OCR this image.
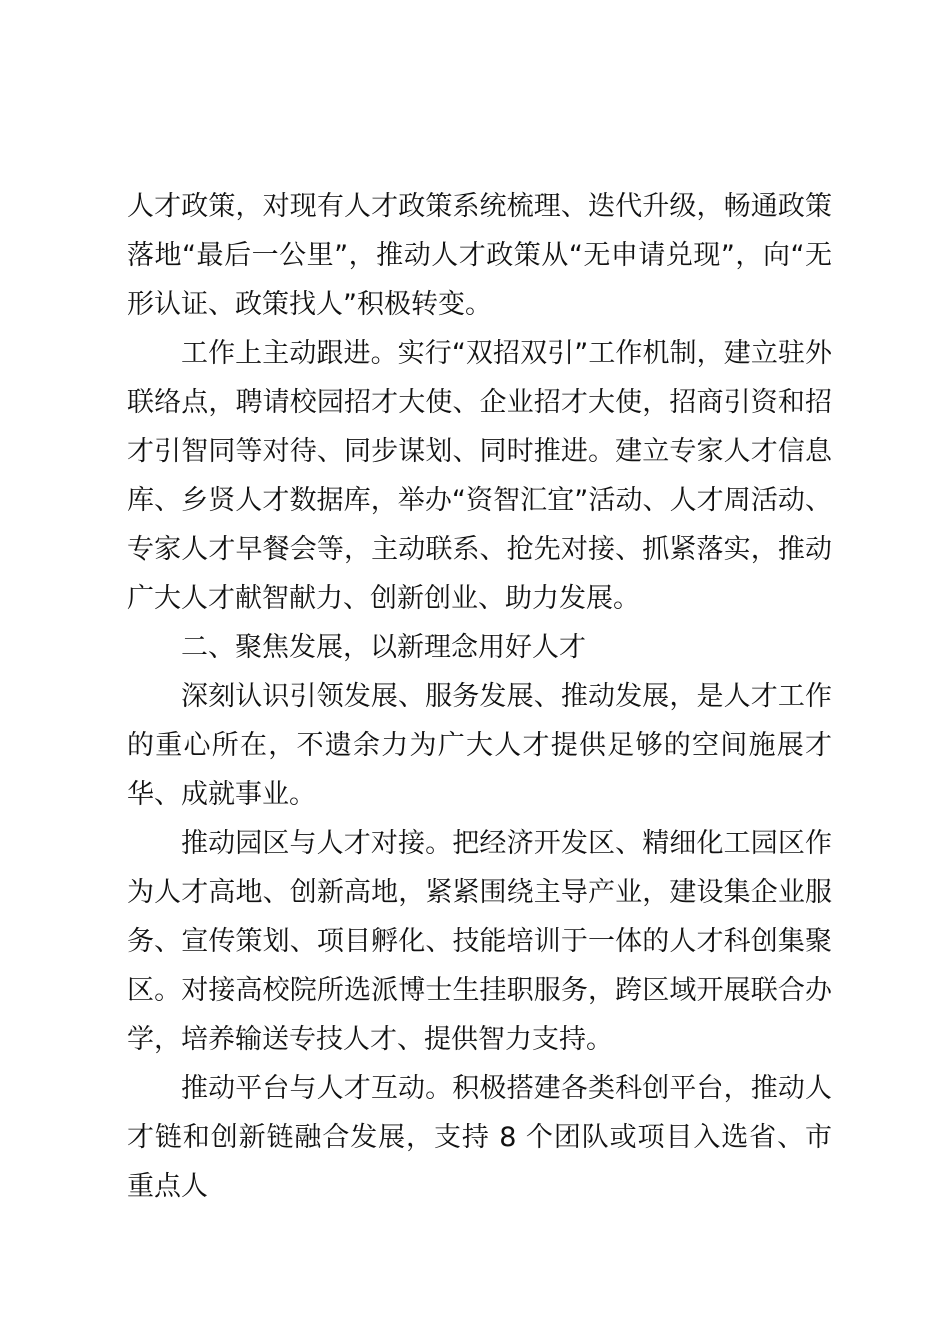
人才政策，对现有人才政策系统梳理、迭代升级，畅通政策落地“最后一公里”，推动人才政策从“无申请兑现”，向“无形认证、政策找人”积极转变。

工作上主动跟进。实行“双招双引”工作机制，建立驻外联络点，聘请校园招才大使、企业招才大使，招商引资和招才引智同等对待、同步谋划、同时推进。建立专家人才信息库、乡贤人才数据库，举办“资智汇宜”活动、人才周活动、专家人才早餐会等，主动联系、抢先对接、抓紧落实，推动广大人才献智献力、创新创业、助力发展。

二、聚焦发展，以新理念用好人才

深刻认识引领发展、服务发展、推动发展，是人才工作的重心所在，不遗余力为广大人才提供足够的空间施展才华、成就事业。

推动园区与人才对接。把经济开发区、精细化工园区作为人才高地、创新高地，紧紧围绕主导产业，建设集企业服务、宣传策划、项目孵化、技能培训于一体的人才科创集聚区。对接高校院所选派博士生挂职服务，跨区域开展联合办学，培养输送专技人才、提供智力支持。

推动平台与人才互动。积极搭建各类科创平台，推动人才链和创新链融合发展，支持 8 个团队或项目入选省、市重点人
